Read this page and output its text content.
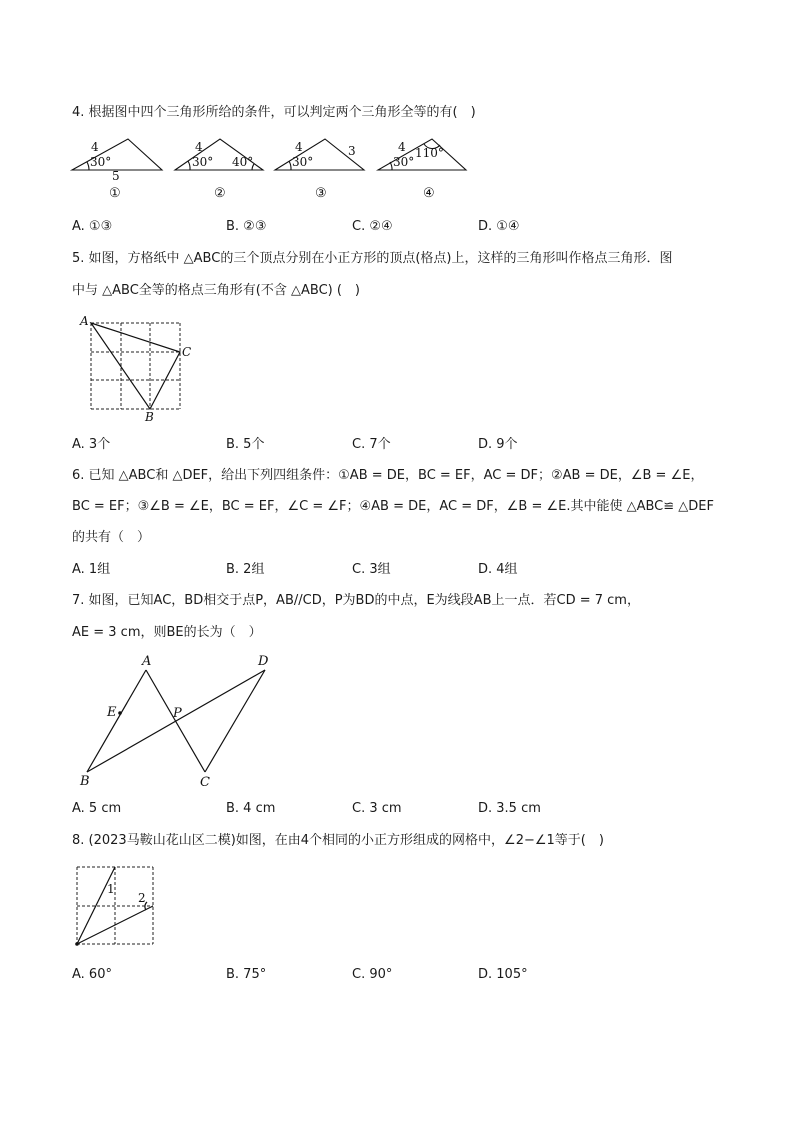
4. 根据图中四个三角形所给的条件，可以判定两个三角形全等的有(　)
4
30°
5
①
4
30° 40°
②
4
30°
3
③
4
30°
110°
④
A. ①③	B. ②③	C. ②④	D. ①④
5. 如图，方格纸中 △ABC的三个顶点分别在小正方形的顶点(格点)上，这样的三角形叫作格点三角形．图
中与 △ABC全等的格点三角形有(不含 △ABC) (　)
A
C
B
A. 3个	B. 5个	C. 7个	D. 9个
6. 已知 △ABC和 △DEF，给出下列四组条件：①AB = DE，BC = EF，AC = DF；②AB = DE，∠B = ∠E，
BC = EF；③∠B = ∠E，BC = EF，∠C = ∠F；④AB = DE，AC = DF，∠B = ∠E.其中能使 △ABC≌ △DEF
的共有（　）
A. 1组	B. 2组	C. 3组	D. 4组
7. 如图，已知AC，BD相交于点P，AB//CD，P为BD的中点，E为线段AB上一点．若CD = 7 cm，
AE = 3 cm，则BE的长为（　）
A	D
E	P
B	C
A. 5 cm	B. 4 cm	C. 3 cm	D. 3.5 cm
8. (2023马鞍山花山区二模)如图，在由4个相同的小正方形组成的网格中，∠2−∠1等于(　)
1
2
A. 60°	B. 75°	C. 90°	D. 105°
